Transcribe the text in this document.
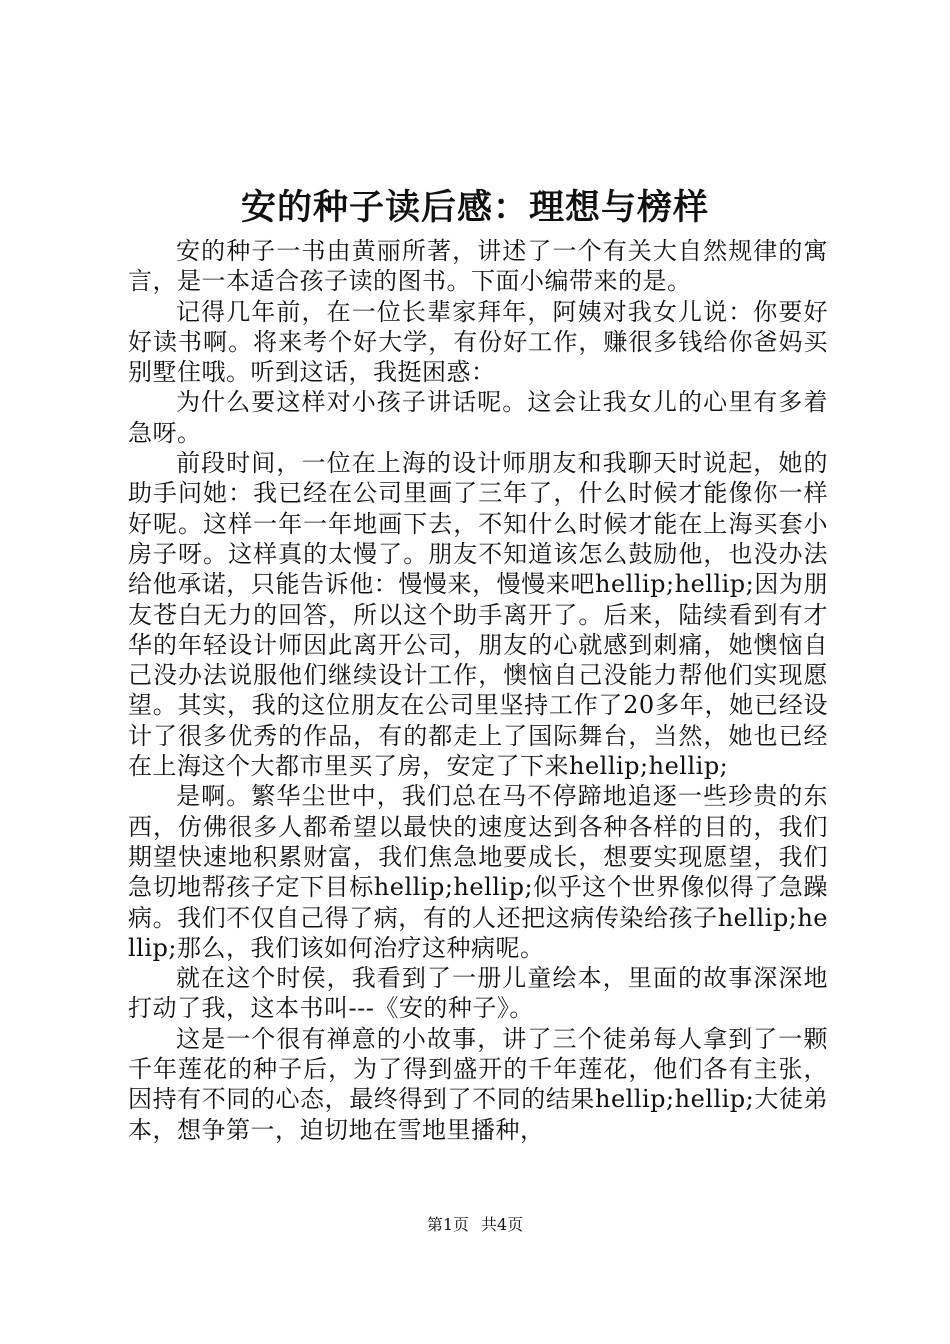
安的种子读后感：理想与榜样

安的种子一书由黄丽所著，讲述了一个有关大自然规律的寓言，是一本适合孩子读的图书。下面小编带来的是。

记得几年前，在一位长辈家拜年，阿姨对我女儿说：你要好好读书啊。将来考个好大学，有份好工作，赚很多钱给你爸妈买别墅住哦。听到这话，我挺困惑：

为什么要这样对小孩子讲话呢。这会让我女儿的心里有多着急呀。

前段时间，一位在上海的设计师朋友和我聊天时说起，她的助手问她：我已经在公司里画了三年了，什么时候才能像你一样好呢。这样一年一年地画下去，不知什么时候才能在上海买套小房子呀。这样真的太慢了。朋友不知道该怎么鼓励他，也没办法给他承诺，只能告诉他：慢慢来，慢慢来吧hellip;hellip;因为朋友苍白无力的回答，所以这个助手离开了。后来，陆续看到有才华的年轻设计师因此离开公司，朋友的心就感到刺痛，她懊恼自己没办法说服他们继续设计工作，懊恼自己没能力帮他们实现愿望。其实，我的这位朋友在公司里坚持工作了20多年，她已经设计了很多优秀的作品，有的都走上了国际舞台，当然，她也已经在上海这个大都市里买了房，安定了下来hellip;hellip;

是啊。繁华尘世中，我们总在马不停蹄地追逐一些珍贵的东西，仿佛很多人都希望以最快的速度达到各种各样的目的，我们期望快速地积累财富，我们焦急地要成长，想要实现愿望，我们急切地帮孩子定下目标hellip;hellip;似乎这个世界像似得了急躁病。我们不仅自己得了病，有的人还把这病传染给孩子hellip;hellip;那么，我们该如何治疗这种病呢。

就在这个时侯，我看到了一册儿童绘本，里面的故事深深地打动了我，这本书叫---《安的种子》。

这是一个很有禅意的小故事，讲了三个徒弟每人拿到了一颗千年莲花的种子后，为了得到盛开的千年莲花，他们各有主张，因持有不同的心态，最终得到了不同的结果hellip;hellip;大徒弟本，想争第一，迫切地在雪地里播种，

第1页 共4页
